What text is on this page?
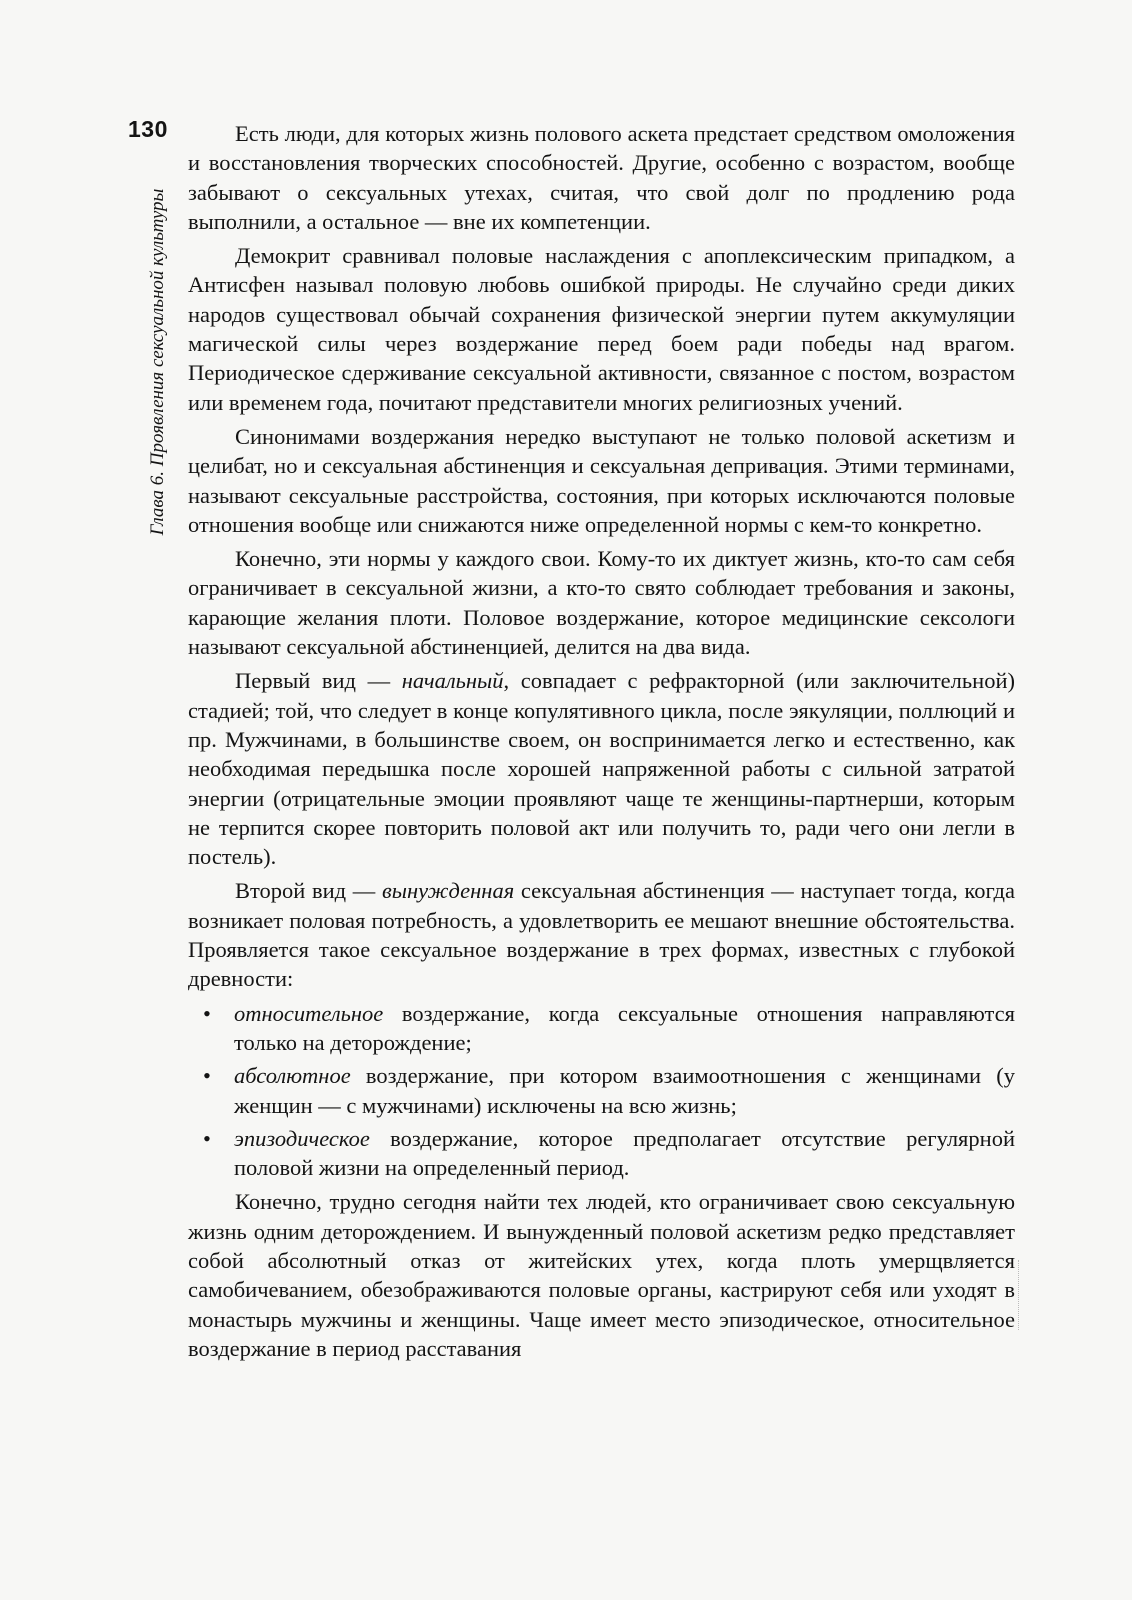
130
Глава 6. Проявления сексуальной культуры

Есть люди, для которых жизнь полового аскета предстает средством омоложения и восстановления творческих способностей. Другие, особенно с возрастом, вообще забывают о сексуальных утехах, считая, что свой долг по продлению рода выполнили, а остальное — вне их компетенции.

Демокрит сравнивал половые наслаждения с апоплексическим припадком, а Антисфен называл половую любовь ошибкой природы. Не случайно среди диких народов существовал обычай сохранения физической энергии путем аккумуляции магической силы через воздержание перед боем ради победы над врагом. Периодическое сдерживание сексуальной активности, связанное с постом, возрастом или временем года, почитают представители многих религиозных учений.

Синонимами воздержания нередко выступают не только половой аскетизм и целибат, но и сексуальная абстиненция и сексуальная депривация. Этими терминами, называют сексуальные расстройства, состояния, при которых исключаются половые отношения вообще или снижаются ниже определенной нормы с кем-то конкретно.

Конечно, эти нормы у каждого свои. Кому-то их диктует жизнь, кто-то сам себя ограничивает в сексуальной жизни, а кто-то свято соблюдает требования и законы, карающие желания плоти. Половое воздержание, которое медицинские сексологи называют сексуальной абстиненцией, делится на два вида.

Первый вид — начальный, совпадает с рефракторной (или заключительной) стадией; той, что следует в конце копулятивного цикла, после эякуляции, поллюций и пр. Мужчинами, в большинстве своем, он воспринимается легко и естественно, как необходимая передышка после хорошей напряженной работы с сильной затратой энергии (отрицательные эмоции проявляют чаще те женщины-партнерши, которым не терпится скорее повторить половой акт или получить то, ради чего они легли в постель).

Второй вид — вынужденная сексуальная абстиненция — наступает тогда, когда возникает половая потребность, а удовлетворить ее мешают внешние обстоятельства. Проявляется такое сексуальное воздержание в трех формах, известных с глубокой древности:

• относительное воздержание, когда сексуальные отношения направляются только на деторождение;
• абсолютное воздержание, при котором взаимоотношения с женщинами (у женщин — с мужчинами) исключены на всю жизнь;
• эпизодическое воздержание, которое предполагает отсутствие регулярной половой жизни на определенный период.

Конечно, трудно сегодня найти тех людей, кто ограничивает свою сексуальную жизнь одним деторождением. И вынужденный половой аскетизм редко представляет собой абсолютный отказ от житейских утех, когда плоть умерщвляется самобичеванием, обезображиваются половые органы, кастрируют себя или уходят в монастырь мужчины и женщины. Чаще имеет место эпизодическое, относительное воздержание в период расставания
